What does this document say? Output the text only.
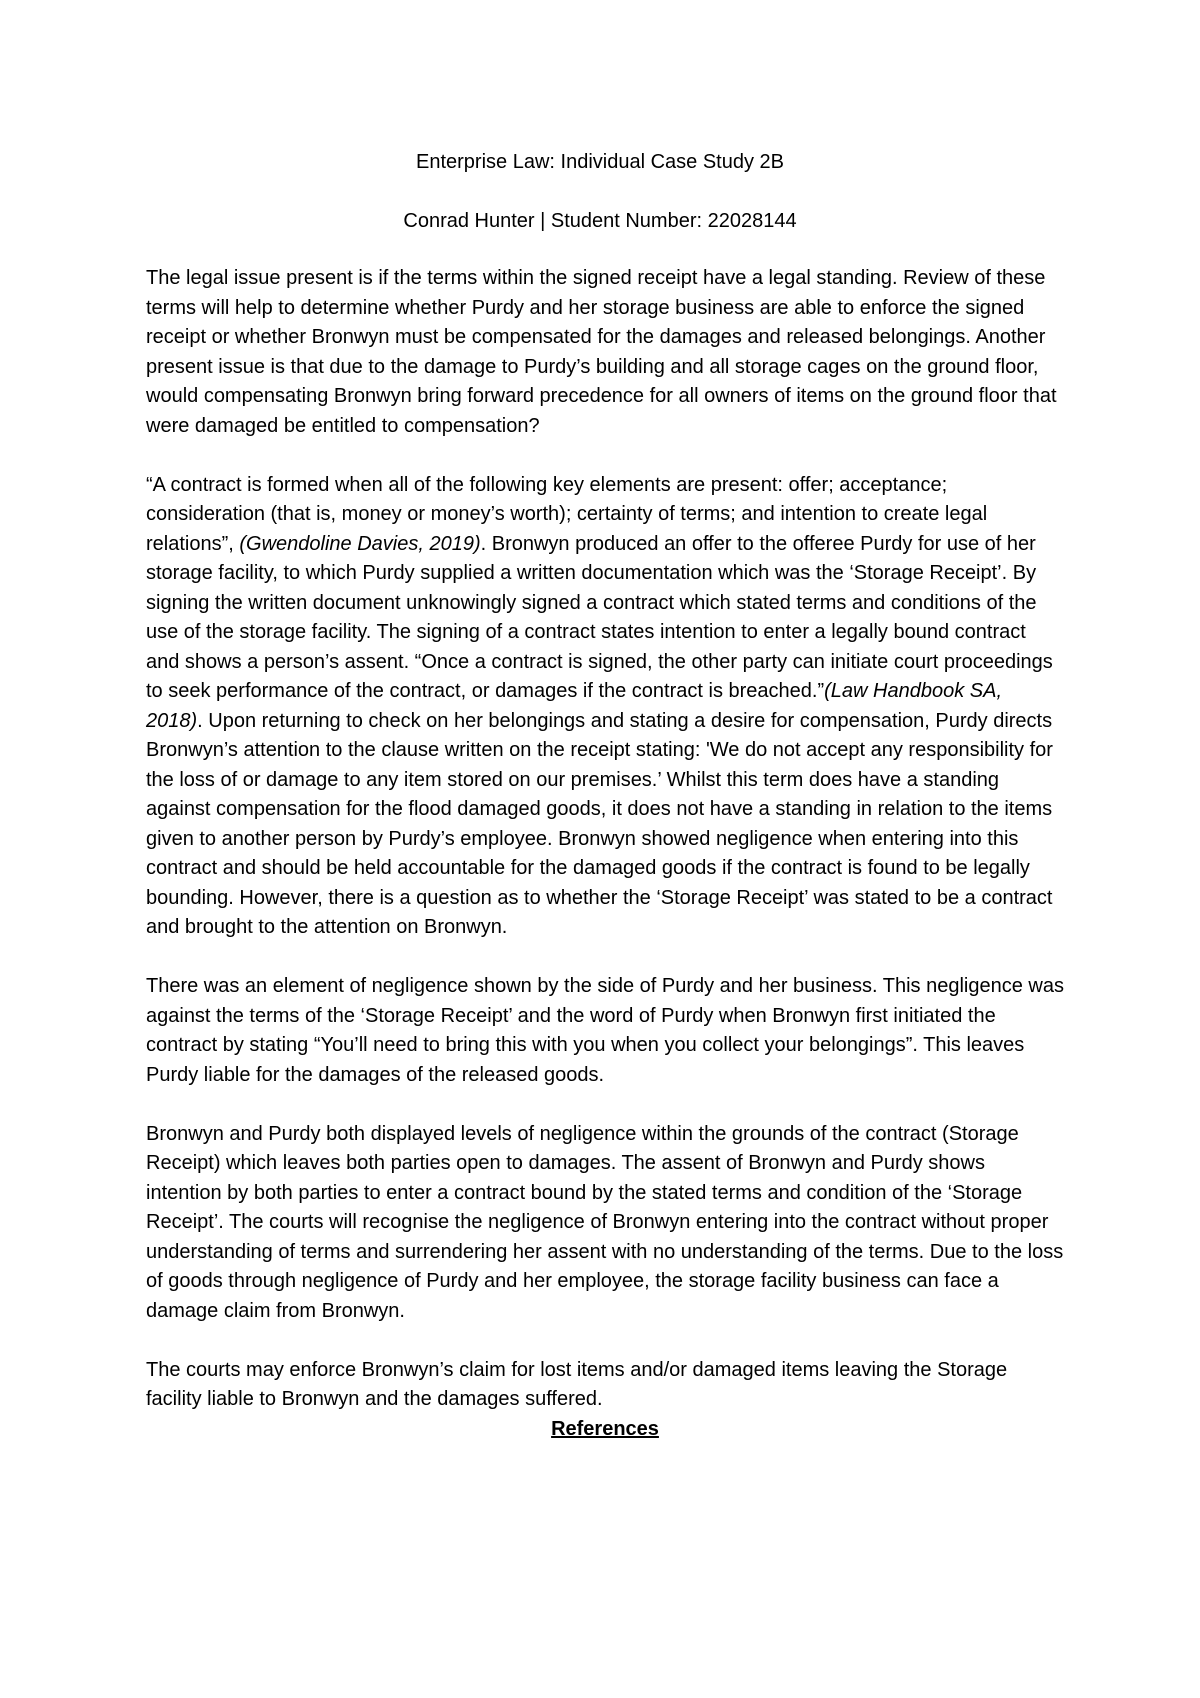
Enterprise Law: Individual Case Study 2B

Conrad Hunter | Student Number: 22028144

The legal issue present is if the terms within the signed receipt have a legal standing. Review of these terms will help to determine whether Purdy and her storage business are able to enforce the signed receipt or whether Bronwyn must be compensated for the damages and released belongings. Another present issue is that due to the damage to Purdy’s building and all storage cages on the ground floor, would compensating Bronwyn bring forward precedence for all owners of items on the ground floor that were damaged be entitled to compensation?

“A contract is formed when all of the following key elements are present: offer; acceptance; consideration (that is, money or money’s worth); certainty of terms; and intention to create legal relations”, (Gwendoline Davies, 2019). Bronwyn produced an offer to the offeree Purdy for use of her storage facility, to which Purdy supplied a written documentation which was the ‘Storage Receipt’. By signing the written document unknowingly signed a contract which stated terms and conditions of the use of the storage facility. The signing of a contract states intention to enter a legally bound contract and shows a person’s assent. “Once a contract is signed, the other party can initiate court proceedings to seek performance of the contract, or damages if the contract is breached.”(Law Handbook SA, 2018). Upon returning to check on her belongings and stating a desire for compensation, Purdy directs Bronwyn’s attention to the clause written on the receipt stating: 'We do not accept any responsibility for the loss of or damage to any item stored on our premises.’ Whilst this term does have a standing against compensation for the flood damaged goods, it does not have a standing in relation to the items given to another person by Purdy’s employee. Bronwyn showed negligence when entering into this contract and should be held accountable for the damaged goods if the contract is found to be legally bounding. However, there is a question as to whether the ‘Storage Receipt’ was stated to be a contract and brought to the attention on Bronwyn.

There was an element of negligence shown by the side of Purdy and her business. This negligence was against the terms of the ‘Storage Receipt’ and the word of Purdy when Bronwyn first initiated the contract by stating “You’ll need to bring this with you when you collect your belongings”. This leaves Purdy liable for the damages of the released goods.

Bronwyn and Purdy both displayed levels of negligence within the grounds of the contract (Storage Receipt) which leaves both parties open to damages. The assent of Bronwyn and Purdy shows intention by both parties to enter a contract bound by the stated terms and condition of the ‘Storage Receipt’. The courts will recognise the negligence of Bronwyn entering into the contract without proper understanding of terms and surrendering her assent with no understanding of the terms. Due to the loss of goods through negligence of Purdy and her employee, the storage facility business can face a damage claim from Bronwyn.

The courts may enforce Bronwyn’s claim for lost items and/or damaged items leaving the Storage facility liable to Bronwyn and the damages suffered.

References
